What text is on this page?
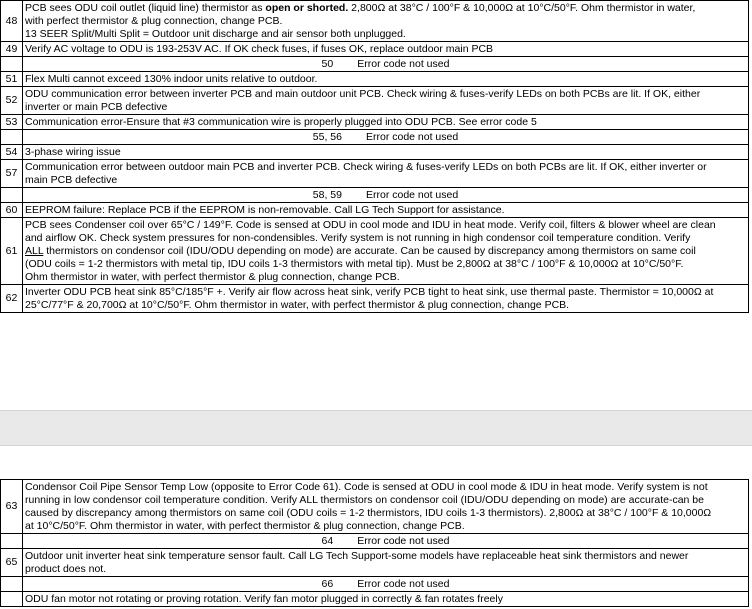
48	PCB sees ODU coil outlet (liquid line) thermistor as open or shorted. 2,800Ω at 38°C / 100°F & 10,000Ω at 10°C/50°F. Ohm thermistor in water,
with perfect thermistor & plug connection, change PCB.
13 SEER Split/Multi Split = Outdoor unit discharge and air sensor both unplugged.

49	Verify AC voltage to ODU is 193-253V AC. If OK check fuses, if fuses OK, replace outdoor main PCB

	50 Error code not used
51	Flex Multi cannot exceed 130% indoor units relative to outdoor.

52	ODU communication error between inverter PCB and main outdoor unit PCB. Check wiring & fuses-verify LEDs on both PCBs are lit. If OK, either
inverter or main PCB defective

53	Communication error-Ensure that #3 communication wire is properly plugged into ODU PCB. See error code 5

	55, 56 Error code not used
54	3-phase wiring issue

57	Communication error between outdoor main PCB and inverter PCB. Check wiring & fuses-verify LEDs on both PCBs are lit. If OK, either inverter or
main PCB defective

	58, 59 Error code not used
60	EEPROM failure: Replace PCB if the EEPROM is non-removable. Call LG Tech Support for assistance.

61	PCB sees Condenser coil over 65°C / 149°F. Code is sensed at ODU in cool mode and IDU in heat mode. Verify coil, filters & blower wheel are clean
and airflow OK. Check system pressures for non-condensibles. Verify system is not running in high condensor coil temperature condition. Verify
ALL thermistors on condensor coil (IDU/ODU depending on mode) are accurate. Can be caused by discrepancy among thermistors on same coil
(ODU coils = 1-2 thermistors with metal tip, IDU coils 1-3 thermistors with metal tip). Must be 2,800Ω at 38°C / 100°F & 10,000Ω at 10°C/50°F.
Ohm thermistor in water, with perfect thermistor & plug connection, change PCB.

62	Inverter ODU PCB heat sink 85°C/185°F +. Verify air flow across heat sink, verify PCB tight to heat sink, use thermal paste. Thermistor = 10,000Ω at
25°C/77°F & 20,700Ω at 10°C/50°F. Ohm thermistor in water, with perfect thermistor & plug connection, change PCB.
63	Condensor Coil Pipe Sensor Temp Low (opposite to Error Code 61). Code is sensed at ODU in cool mode & IDU in heat mode. Verify system is not
running in low condensor coil temperature condition. Verify ALL thermistors on condensor coil (IDU/ODU depending on mode) are accurate-can be
caused by discrepancy among thermistors on same coil (ODU coils = 1-2 thermistors, IDU coils 1-3 thermistors). 2,800Ω at 38°C / 100°F & 10,000Ω
at 10°C/50°F. Ohm thermistor in water, with perfect thermistor & plug connection, change PCB.

	64 Error code not used
65	Outdoor unit inverter heat sink temperature sensor fault. Call LG Tech Support-some models have replaceable heat sink thermistors and newer
product does not.

	66 Error code not used

	ODU fan motor not rotating or proving rotation. Verify fan motor plugged in correctly & fan rotates freely
